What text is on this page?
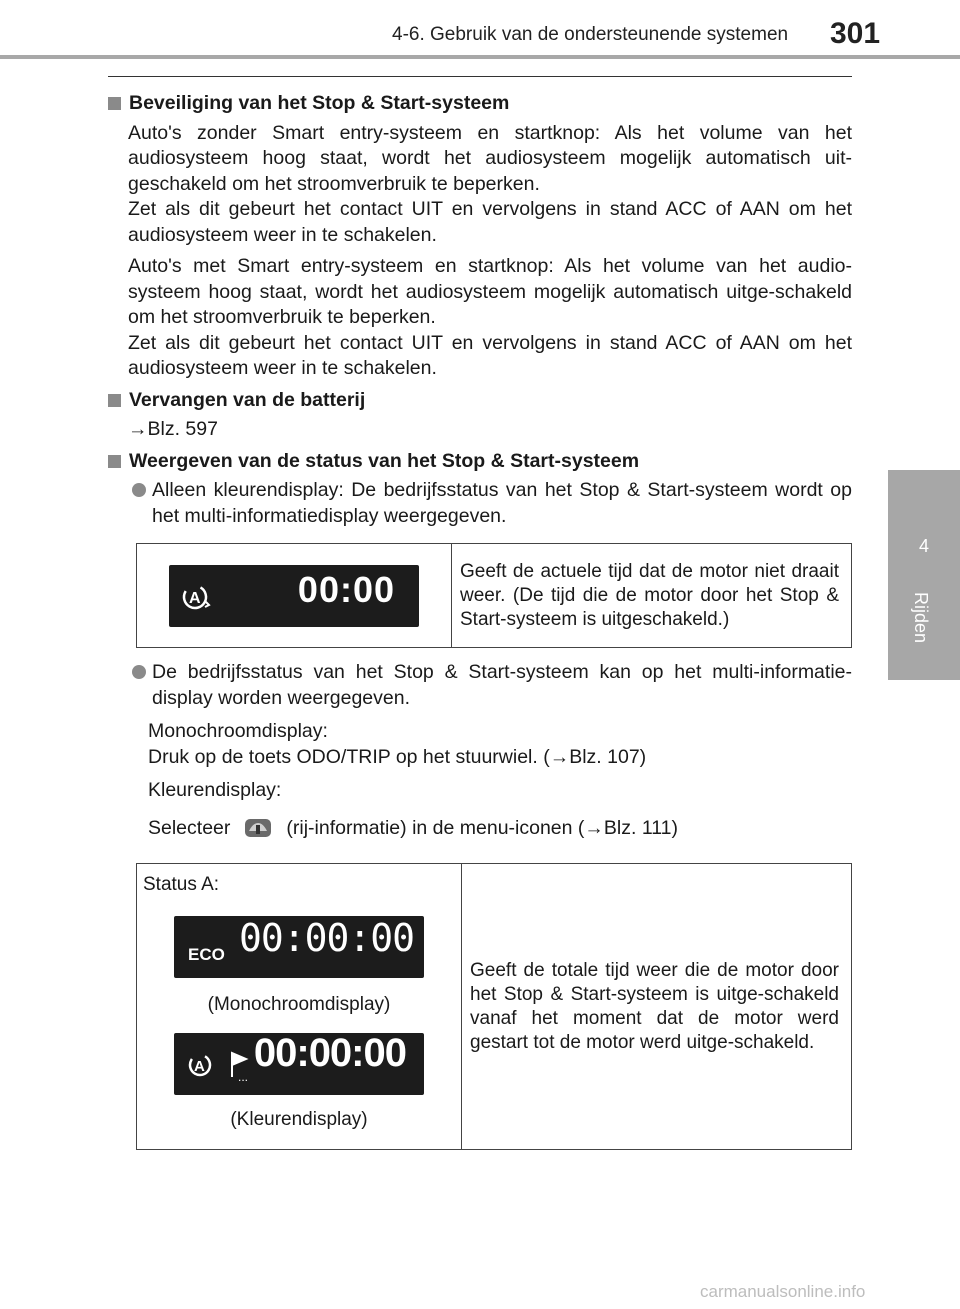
4-6. Gebruik van de ondersteunende systemen 301
4
Rijden
Beveiliging van het Stop & Start-systeem
Auto's zonder Smart entry-systeem en startknop: Als het volume van het audiosysteem hoog staat, wordt het audiosysteem mogelijk automatisch uit-geschakeld om het stroomverbruik te beperken.
Zet als dit gebeurt het contact UIT en vervolgens in stand ACC of AAN om het audiosysteem weer in te schakelen.
Auto's met Smart entry-systeem en startknop: Als het volume van het audio-systeem hoog staat, wordt het audiosysteem mogelijk automatisch uitge-schakeld om het stroomverbruik te beperken.
Zet als dit gebeurt het contact UIT en vervolgens in stand ACC of AAN om het audiosysteem weer in te schakelen.
Vervangen van de batterij
→Blz. 597
Weergeven van de status van het Stop & Start-systeem
Alleen kleurendisplay: De bedrijfsstatus van het Stop & Start-systeem wordt op het multi-informatiedisplay weergegeven.
A	00:00	Geeft de actuele tijd dat de motor niet draait weer. (De tijd die de motor door het Stop & Start-systeem is uitgeschakeld.)
De bedrijfsstatus van het Stop & Start-systeem kan op het multi-informatie-display worden weergegeven.
Monochroomdisplay:
Druk op de toets ODO/TRIP op het stuurwiel. (→Blz. 107)
Kleurendisplay:
Selecteer	(rij-informatie) in de menu-iconen (→Blz. 111)
Status A:
ECO 00:00:00
(Monochroomdisplay)
A
...
00:00:00
(Kleurendisplay)
	Geeft de totale tijd weer die de motor door het Stop & Start-systeem is uitge-schakeld vanaf het moment dat de motor werd gestart tot de motor werd uitge-schakeld.
carmanualsonline.info
